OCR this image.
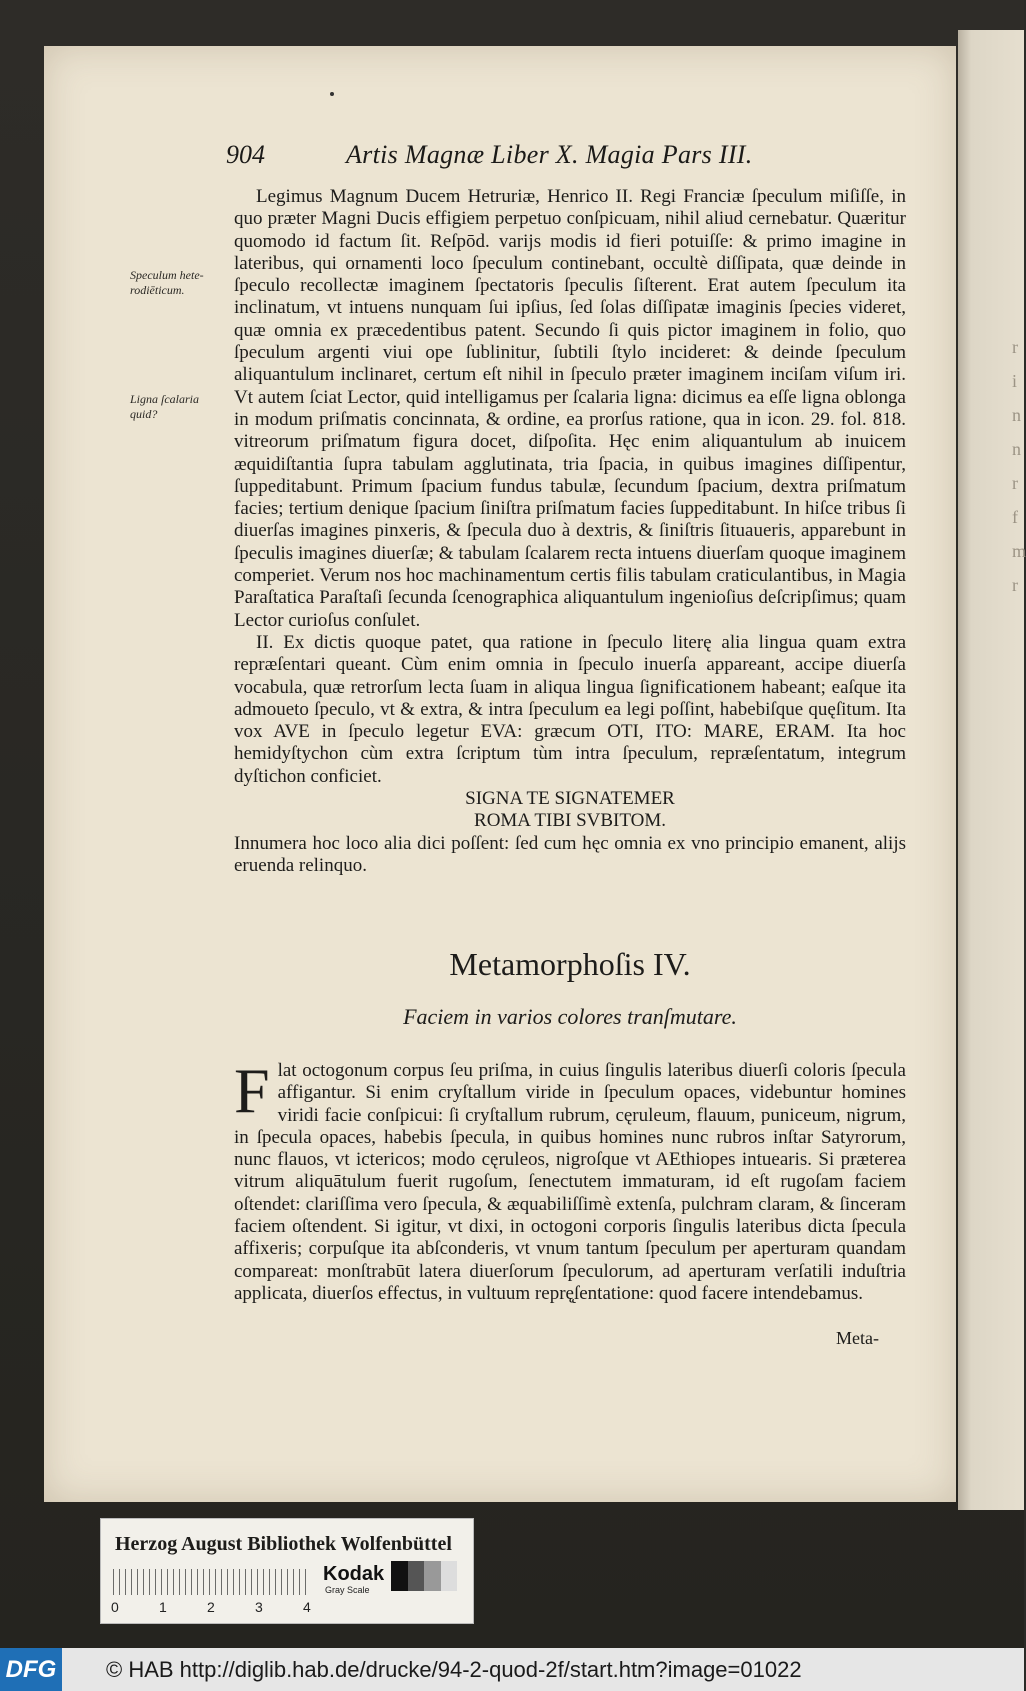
r
i
n
n
r
f
m
r
904	Artis Magnæ Liber X. Magia Pars III.
Speculum hete-
rodiēticum.
Ligna ſcalaria
quid?

Legimus Magnum Ducem Hetruriæ, Henrico II. Regi Franciæ ſpeculum miſiſſe, in quo præter Magni Ducis effigiem perpetuo conſpicuam, nihil aliud cernebatur. Quæritur quomodo id factum ſit. Reſpōd. varijs modis id fieri potuiſſe: & primo imagine in lateribus, qui ornamenti loco ſpeculum continebant, occultè diſſipata, quæ deinde in ſpeculo recollectæ imaginem ſpectatoris ſpeculis ſiſterent. Erat autem ſpeculum ita inclinatum, vt intuens nunquam ſui ipſius, ſed ſolas diſſipatæ imaginis ſpecies videret, quæ omnia ex præcedentibus patent. Secundo ſi quis pictor imaginem in folio, quo ſpeculum argenti viui ope ſublinitur, ſubtili ſtylo incideret: & deinde ſpeculum aliquantulum inclinaret, certum eſt nihil in ſpeculo præter imaginem inciſam viſum iri. Vt autem ſciat Lector, quid intelligamus per ſcalaria ligna: dicimus ea eſſe ligna oblonga in modum priſmatis concinnata, & ordine, ea prorſus ratione, qua in icon. 29. fol. 818. vitreorum priſmatum figura docet, diſpoſita. Hęc enim aliquantulum ab inuicem æquidiſtantia ſupra tabulam agglutinata, tria ſpacia, in quibus imagines diſſipentur, ſuppeditabunt. Primum ſpacium fundus tabulæ, ſecundum ſpacium, dextra priſmatum facies; tertium denique ſpacium ſiniſtra priſmatum facies ſuppeditabunt. In hiſce tribus ſi diuerſas imagines pinxeris, & ſpecula duo à dextris, & ſiniſtris ſituaueris, apparebunt in ſpeculis imagines diuerſæ; & tabulam ſcalarem recta intuens diuerſam quoque imaginem comperiet. Verum nos hoc machinamentum certis filis tabulam craticulantibus, in Magia Paraſtatica Paraſtaſi ſecunda ſcenographica aliquantulum ingenioſius deſcripſimus; quam Lector curioſus conſulet.

II. Ex dictis quoque patet, qua ratione in ſpeculo literę alia lingua quam extra repræſentari queant. Cùm enim omnia in ſpeculo inuerſa appareant, accipe diuerſa vocabula, quæ retrorſum lecta ſuam in aliqua lingua ſignificationem habeant; eaſque ita admoueto ſpeculo, vt & extra, & intra ſpeculum ea legi poſſint, habebiſque quęſitum. Ita vox AVE in ſpeculo legetur EVA: græcum OTI, ITO: MARE, ERAM. Ita hoc hemidyſtychon cùm extra ſcriptum tùm intra ſpeculum, repræſentatum, integrum dyſtichon conficiet.

SIGNA TE SIGNATEMER

ROMA TIBI SVBITOM.

Innumera hoc loco alia dici poſſent: ſed cum hęc omnia ex vno principio emanent, alijs eruenda relinquo.

Metamorphoſis IV.
Faciem in varios colores tranſmutare.

Flat octogonum corpus ſeu priſma, in cuius ſingulis lateribus diuerſi coloris ſpecula affigantur. Si enim cryſtallum viride in ſpeculum opaces, videbuntur homines viridi facie conſpicui: ſi cryſtallum rubrum, cęruleum, flauum, puniceum, nigrum, in ſpecula opaces, habebis ſpecula, in quibus homines nunc rubros inſtar Satyrorum, nunc flauos, vt ictericos; modo cęruleos, nigroſque vt AEthiopes intuearis. Si præterea vitrum aliquātulum fuerit rugoſum, ſenectutem immaturam, id eſt rugoſam faciem oſtendet: clariſſima vero ſpecula, & æquabiliſſimè extenſa, pulchram claram, & ſinceram faciem oſtendent. Si igitur, vt dixi, in octogoni corporis ſingulis lateribus dicta ſpecula affixeris; corpuſque ita abſconderis, vt vnum tantum ſpeculum per aperturam quandam compareat: monſtrabūt latera diuerſorum ſpeculorum, ad aperturam verſatili induſtria applicata, diuerſos effectus, in vultuum reprę̨ſentatione: quod facere intendebamus.

Meta-
Herzog August Bibliothek Wolfenbüttel
0	1	2	3	4
Kodak
Gray Scale
DFG © HAB http://diglib.hab.de/drucke/94-2-quod-2f/start.htm?image=01022
